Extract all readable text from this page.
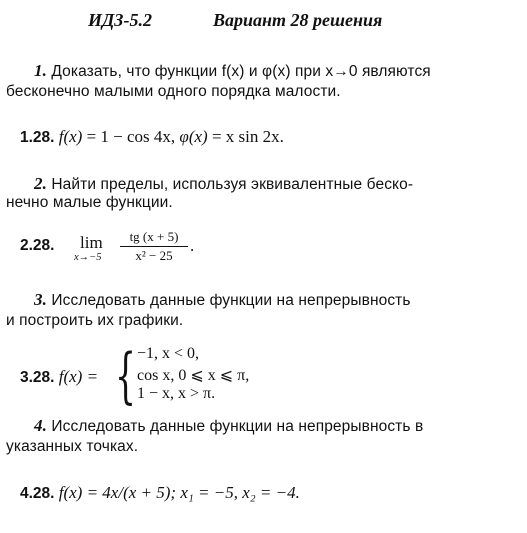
ИДЗ-5.2	Вариант 28 решения
1. Доказать, что функции f(x) и φ(x) при x→0 являются
бесконечно малыми одного порядка малости.
1.28. f(x) = 1 − cos 4x, φ(x) = x sin 2x.
2. Найти пределы, используя эквивалентные беско-
нечно малые функции.
2.28. lim
x→−5
tg (x + 5)
x² − 25
.
3. Исследовать данные функции на непрерывность
и построить их графики.
3.28. f(x) = { −1, x < 0,
cos x, 0 ⩽ x ⩽ π,
1 − x, x > π.
4. Исследовать данные функции на непрерывность в
указанных точках.
4.28. f(x) = 4x/(x + 5); x₁ = −5, x₂ = −4.
